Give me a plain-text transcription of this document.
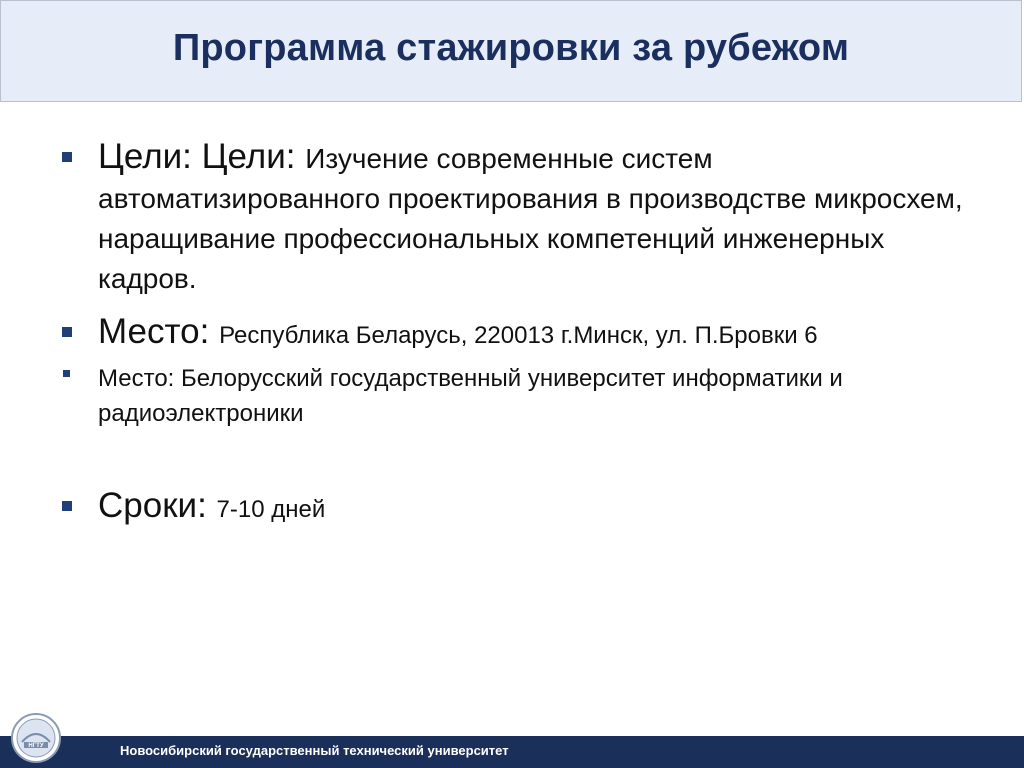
Программа стажировки за рубежом
Цели: Цели: Изучение современные систем автоматизированного проектирования в производстве микросхем, наращивание профессиональных компетенций инженерных кадров.
Место: Республика Беларусь, 220013 г.Минск, ул. П.Бровки 6
Место: Белорусский государственный университет информатики и радиоэлектроники
Сроки: 7-10 дней
Новосибирский государственный технический университет
НГТУ
